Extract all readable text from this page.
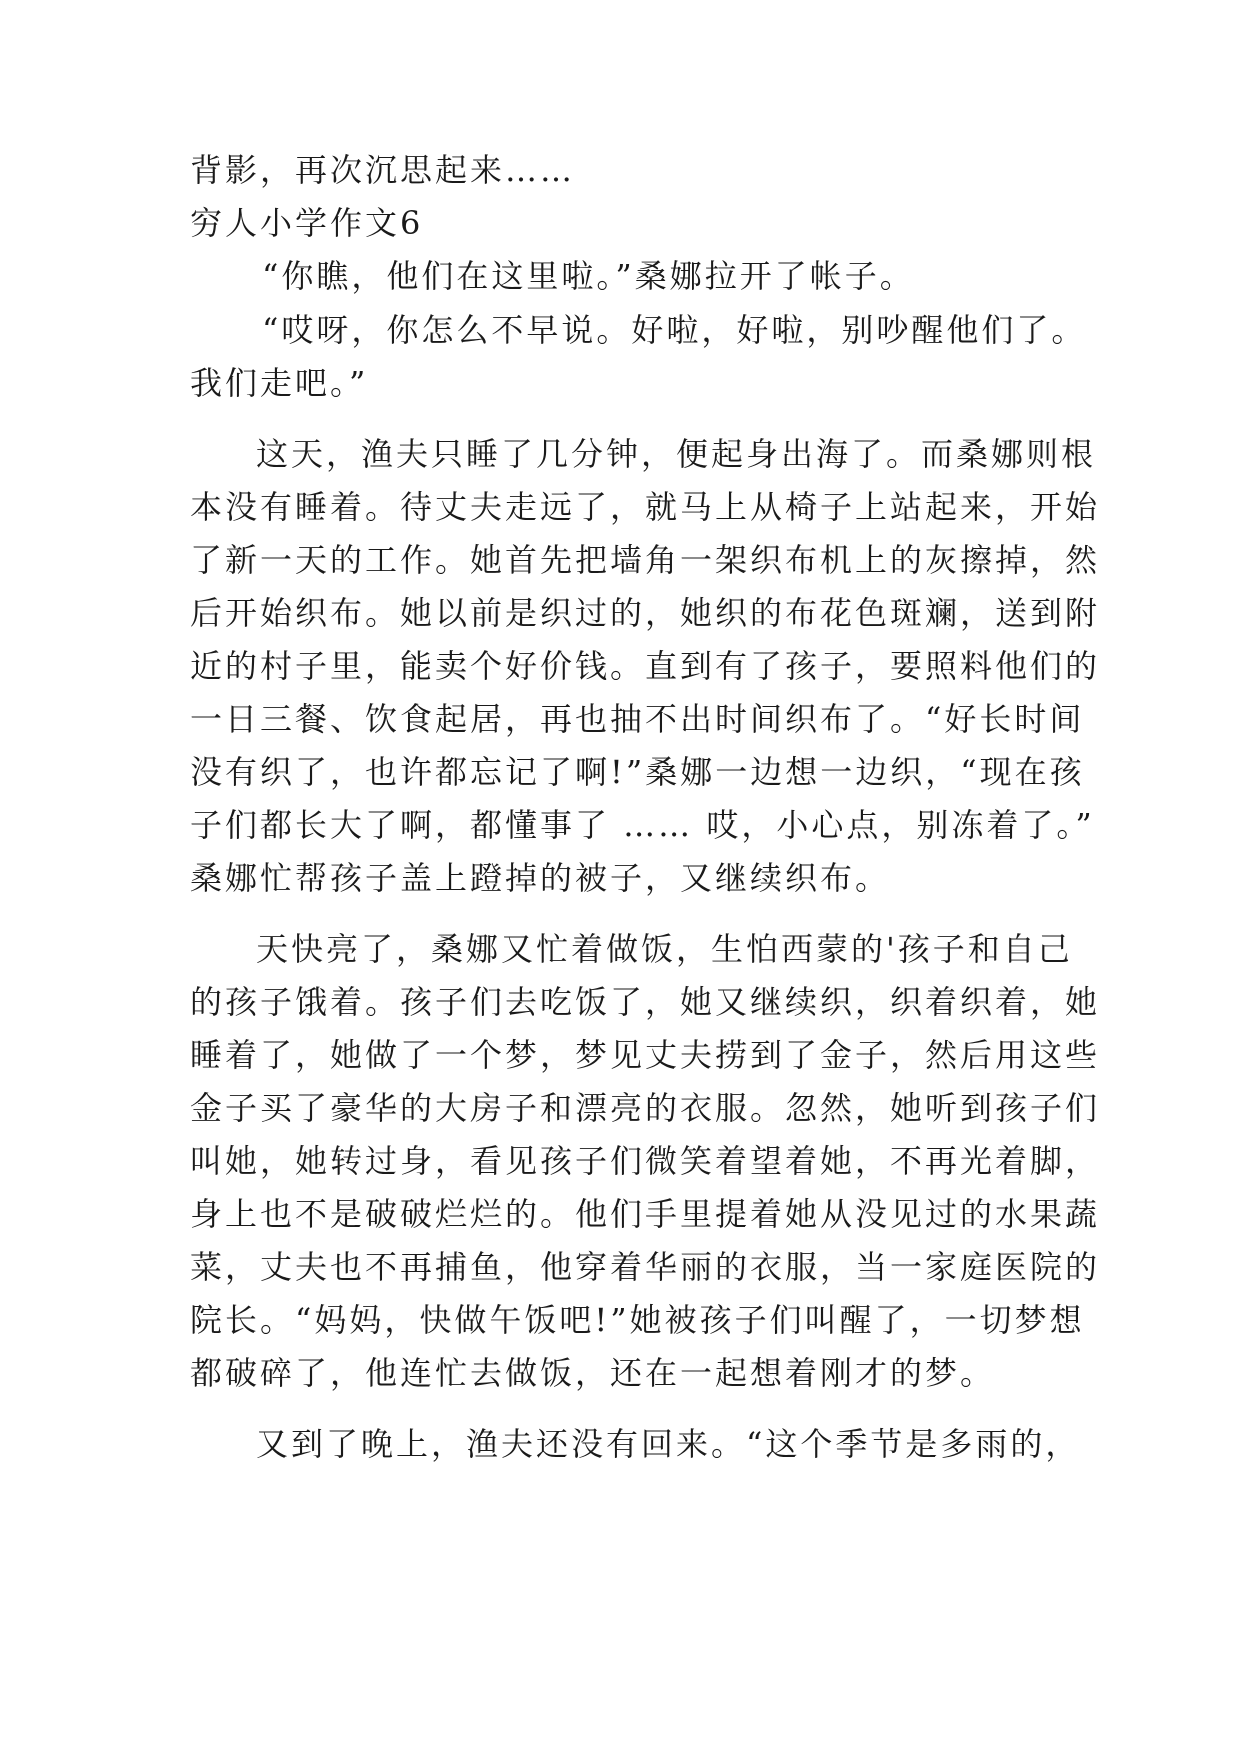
背影，再次沉思起来……

穷人小学作文6

“你瞧，他们在这里啦。”桑娜拉开了帐子。

“哎呀，你怎么不早说。好啦，好啦，别吵醒他们了。

我们走吧。”

这天，渔夫只睡了几分钟，便起身出海了。而桑娜则根

本没有睡着。待丈夫走远了，就马上从椅子上站起来，开始

了新一天的工作。她首先把墙角一架织布机上的灰擦掉，然

后开始织布。她以前是织过的，她织的布花色斑斓，送到附

近的村子里，能卖个好价钱。直到有了孩子，要照料他们的

一日三餐、饮食起居，再也抽不出时间织布了。“好长时间

没有织了，也许都忘记了啊!”桑娜一边想一边织，“现在孩

子们都长大了啊，都懂事了 …… 哎，小心点，别冻着了。”

桑娜忙帮孩子盖上蹬掉的被子，又继续织布。

天快亮了，桑娜又忙着做饭，生怕西蒙的'孩子和自己

的孩子饿着。孩子们去吃饭了，她又继续织，织着织着，她

睡着了，她做了一个梦，梦见丈夫捞到了金子，然后用这些

金子买了豪华的大房子和漂亮的衣服。忽然，她听到孩子们

叫她，她转过身，看见孩子们微笑着望着她，不再光着脚，

身上也不是破破烂烂的。他们手里提着她从没见过的水果蔬

菜，丈夫也不再捕鱼，他穿着华丽的衣服，当一家庭医院的

院长。“妈妈，快做午饭吧!”她被孩子们叫醒了，一切梦想

都破碎了，他连忙去做饭，还在一起想着刚才的梦。

又到了晚上，渔夫还没有回来。“这个季节是多雨的，
